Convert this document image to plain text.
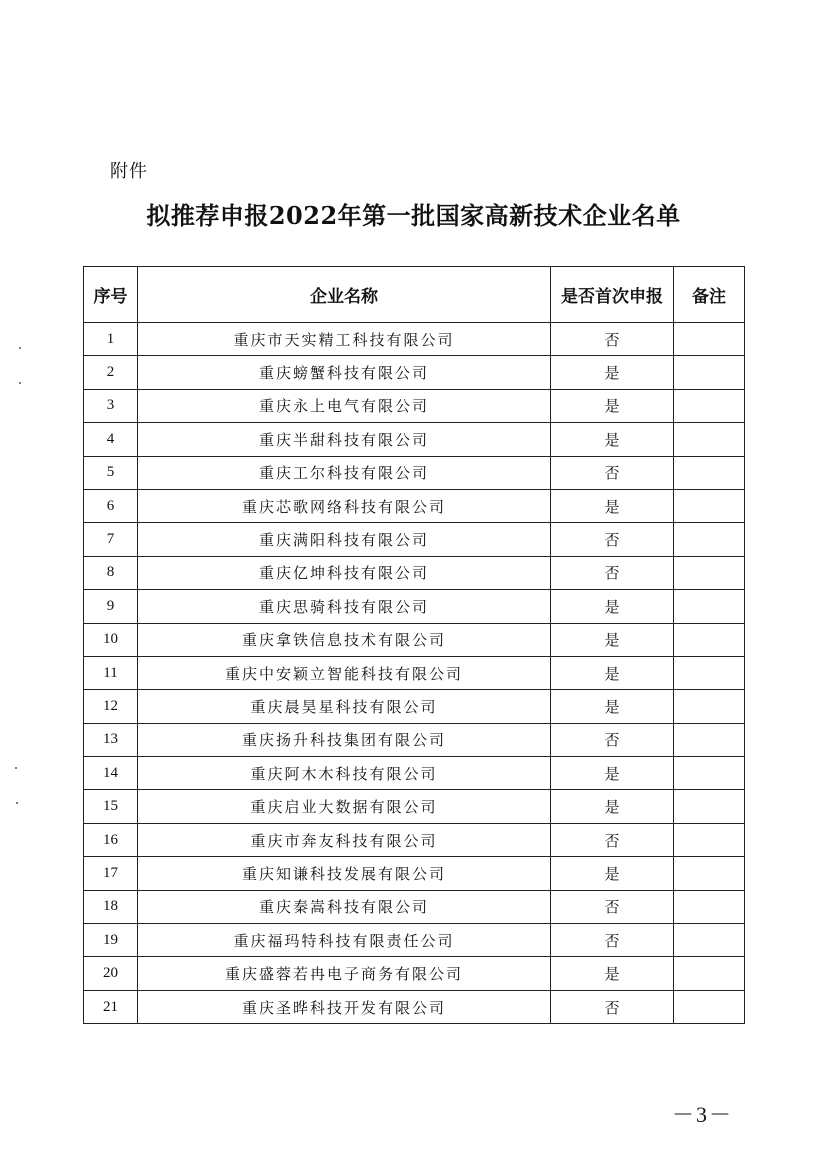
附件
拟推荐申报2022年第一批国家高新技术企业名单
序号	企业名称	是否首次申报	备注
1	重庆市天实精工科技有限公司	否	
2	重庆螃蟹科技有限公司	是	
3	重庆永上电气有限公司	是	
4	重庆半甜科技有限公司	是	
5	重庆工尔科技有限公司	否	
6	重庆芯歌网络科技有限公司	是	
7	重庆满阳科技有限公司	否	
8	重庆亿坤科技有限公司	否	
9	重庆思骑科技有限公司	是	
10	重庆拿铁信息技术有限公司	是	
11	重庆中安颖立智能科技有限公司	是	
12	重庆晨昊星科技有限公司	是	
13	重庆扬升科技集团有限公司	否	
14	重庆阿木木科技有限公司	是	
15	重庆启业大数据有限公司	是	
16	重庆市奔友科技有限公司	否	
17	重庆知谦科技发展有限公司	是	
18	重庆秦嵩科技有限公司	否	
19	重庆福玛特科技有限责任公司	否	
20	重庆盛蓉若冉电子商务有限公司	是	
21	重庆圣晔科技开发有限公司	否	
－3－
